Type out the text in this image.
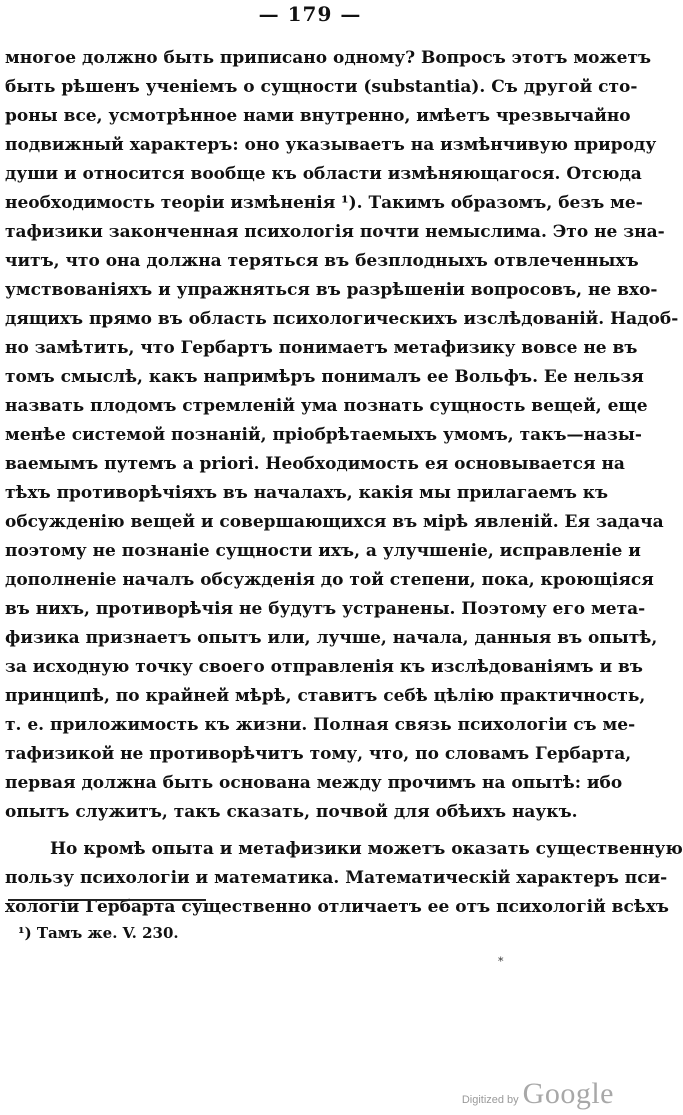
— 179 —
многое должно быть приписано одному? Вопросъ этотъ можетъ
быть рѣшенъ ученіемъ о сущности (substantia). Съ другой сто-
роны все, усмотрѣнное нами внутренно, имѣетъ чрезвычайно
подвижный характеръ: оно указываетъ на измѣнчивую природу
души и относится вообще къ области измѣняющагося. Отсюда
необходимость теоріи измѣненія ¹). Такимъ образомъ, безъ ме-
тафизики законченная психологія почти немыслима. Это не зна-
читъ, что она должна теряться въ безплодныхъ отвлеченныхъ
умствованіяхъ и упражняться въ разрѣшеніи вопросовъ, не вхо-
дящихъ прямо въ область психологическихъ изслѣдованій. Надоб-
но замѣтить, что Гербартъ понимаетъ метафизику вовсе не въ
томъ смыслѣ, какъ напримѣръ понималъ ее Вольфъ. Ее нельзя
назвать плодомъ стремленій ума познать сущность вещей, еще
менѣе системой познаній, пріобрѣтаемыхъ умомъ, такъ—назы-
ваемымъ путемъ a priori. Необходимость ея основывается на
тѣхъ противорѣчіяхъ въ началахъ, какія мы прилагаемъ къ
обсужденію вещей и совершающихся въ мірѣ явленій. Ея задача
поэтому не познаніе сущности ихъ, а улучшеніе, исправленіе и
дополненіе началъ обсужденія до той степени, пока, кроющіяся
въ нихъ, противорѣчія не будутъ устранены. Поэтому его мета-
физика признаетъ опытъ или, лучше, начала, данныя въ опытѣ,
за исходную точку своего отправленія къ изслѣдованіямъ и въ
принципѣ, по крайней мѣрѣ, ставитъ себѣ цѣлію практичность,
т. е. приложимость къ жизни. Полная связь психологіи съ ме-
тафизикой не противорѣчитъ тому, что, по словамъ Гербарта,
первая должна быть основана между прочимъ на опытѣ: ибо
опытъ служитъ, такъ сказать, почвой для обѣихъ наукъ.
Но кромѣ опыта и метафизики можетъ оказать существенную
пользу психологіи и математика. Математическій характеръ пси-
хологіи Гербарта существенно отличаетъ ее отъ психологій всѣхъ
¹) Тамъ же. V. 230.
*
Digitized by Google
